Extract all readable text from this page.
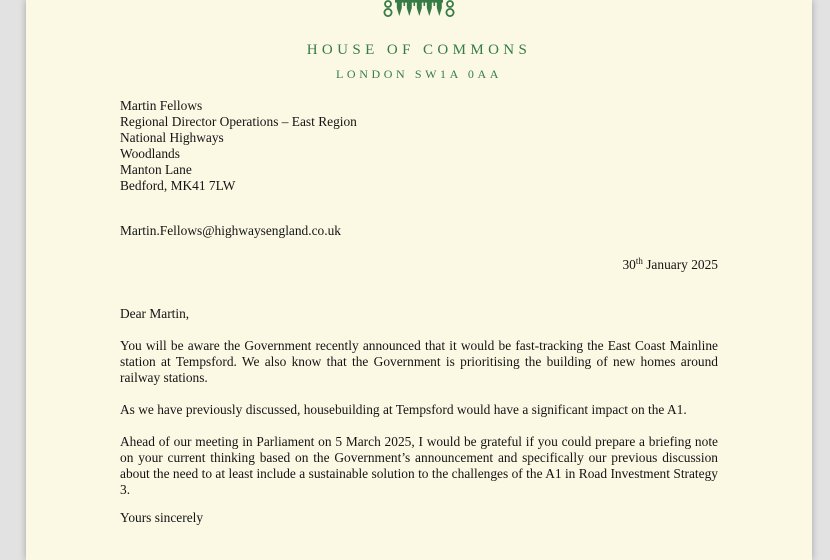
HOUSE OF COMMONS
LONDON SW1A 0AA
Martin Fellows
Regional Director Operations – East Region
National Highways
Woodlands
Manton Lane
Bedford, MK41 7LW
Martin.Fellows@highwaysengland.co.uk
30th January 2025
Dear Martin,

You will be aware the Government recently announced that it would be fast-tracking the East Coast Mainline station at Tempsford. We also know that the Government is prioritising the building of new homes around railway stations.

As we have previously discussed, housebuilding at Tempsford would have a significant impact on the A1.

Ahead of our meeting in Parliament on 5 March 2025, I would be grateful if you could prepare a briefing note on your current thinking based on the Government’s announcement and specifically our previous discussion about the need to at least include a sustainable solution to the challenges of the A1 in Road Investment Strategy 3.

Yours sincerely
